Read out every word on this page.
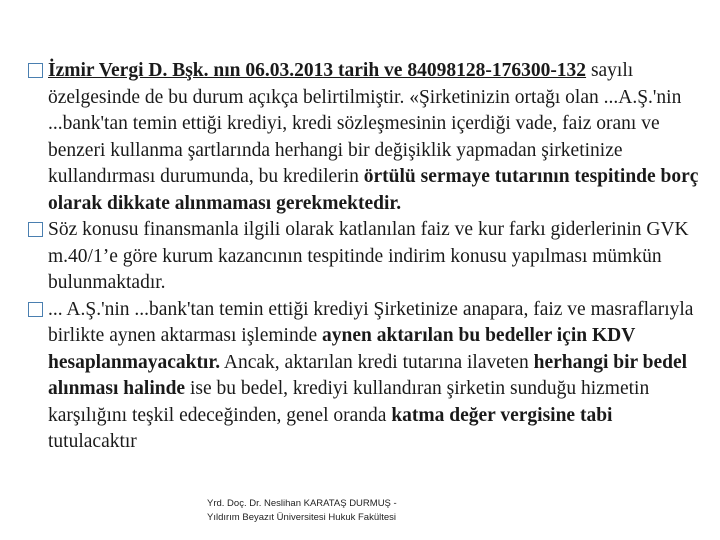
İzmir Vergi D. Bşk. nın 06.03.2013 tarih ve 84098128-176300-132 sayılı özelgesinde de bu durum açıkça belirtilmiştir. «Şirketinizin ortağı olan ...A.Ş.'nin ...bank'tan temin ettiği krediyi, kredi sözleşmesinin içerdiği vade, faiz oranı ve benzeri kullanma şartlarında herhangi bir değişiklik yapmadan şirketinize kullandırması durumunda, bu kredilerin örtülü sermaye tutarının tespitinde borç olarak dikkate alınmaması gerekmektedir.
Söz konusu finansmanla ilgili olarak katlanılan faiz ve kur farkı giderlerinin GVK m.40/1’e göre kurum kazancının tespitinde indirim konusu yapılması mümkün bulunmaktadır.
... A.Ş.'nin ...bank'tan temin ettiği krediyi Şirketinize anapara, faiz ve masraflarıyla birlikte aynen aktarması işleminde aynen aktarılan bu bedeller için KDV hesaplanmayacaktır. Ancak, aktarılan kredi tutarına ilaveten herhangi bir bedel alınması halinde ise bu bedel, krediyi kullandıran şirketin sunduğu hizmetin karşılığını teşkil edeceğinden, genel oranda katma değer vergisine tabi tutulacaktır
Yrd. Doç. Dr. Neslihan KARATAŞ DURMUŞ -
Yıldırım Beyazıt Üniversitesi Hukuk Fakültesi
